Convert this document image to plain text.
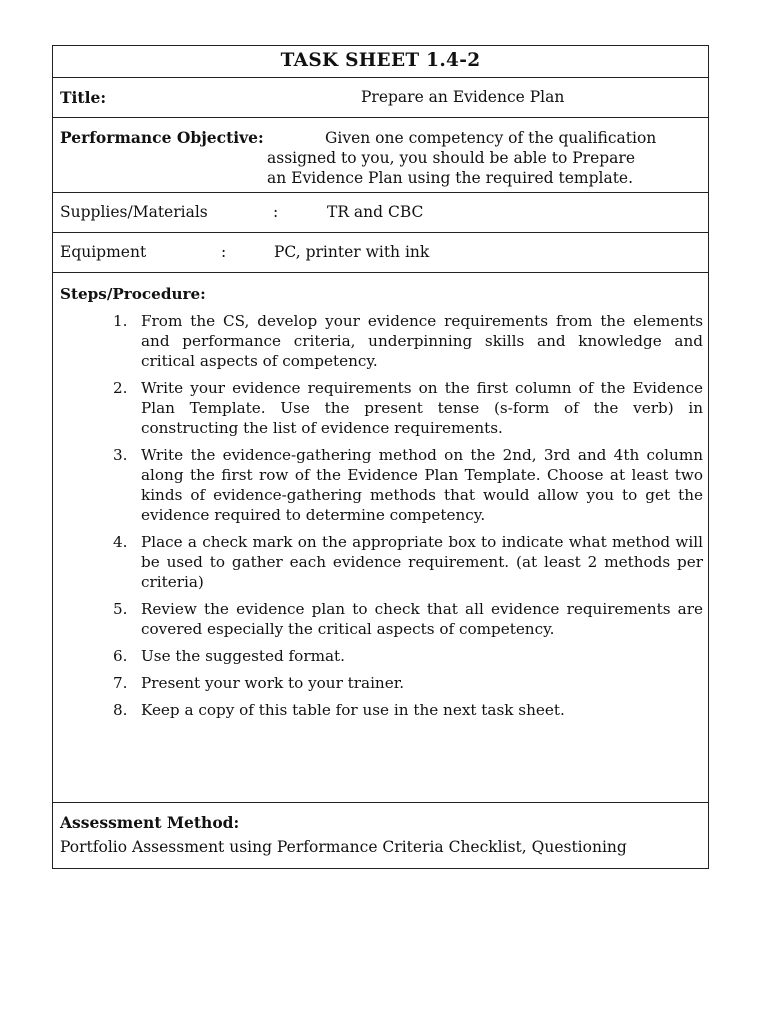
TASK SHEET 1.4-2
Title:	Prepare an Evidence Plan
Performance Objective:	Given one competency of the qualification
assigned to you, you should be able to Prepare
an Evidence Plan using the required template.
Supplies/Materials	:	TR and CBC
Equipment	:	PC, printer with ink
Steps/Procedure:
1. From the CS, develop your evidence requirements from the elements and performance criteria, underpinning skills and knowledge and critical aspects of competency.
2. Write your evidence requirements on the first column of the Evidence Plan Template. Use the present tense (s-form of the verb) in constructing the list of evidence requirements.
3. Write the evidence-gathering method on the 2nd, 3rd and 4th column along the first row of the Evidence Plan Template. Choose at least two kinds of evidence-gathering methods that would allow you to get the evidence required to determine competency.
4. Place a check mark on the appropriate box to indicate what method will be used to gather each evidence requirement. (at least 2 methods per criteria)
5. Review the evidence plan to check that all evidence requirements are covered especially the critical aspects of competency.
6. Use the suggested format.
7. Present your work to your trainer.
8. Keep a copy of this table for use in the next task sheet.
Assessment Method:
Portfolio Assessment using Performance Criteria Checklist, Questioning
